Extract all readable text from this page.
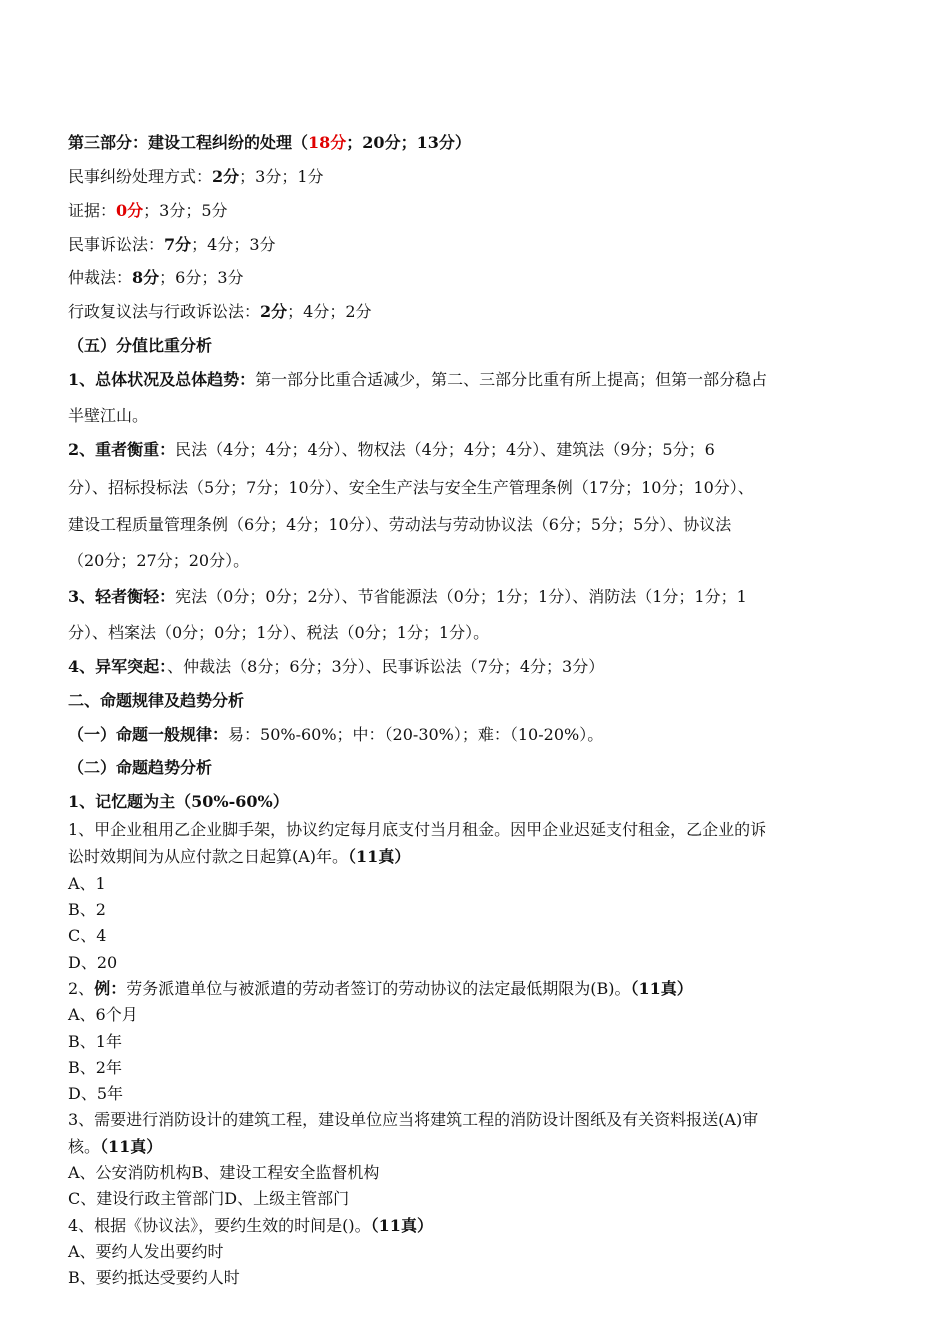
第三部分：建设工程纠纷的处理（18分；20分；13分）
民事纠纷处理方式：2分；3分；1分
证据：0分；3分；5分
民事诉讼法：7分；4分；3分
仲裁法：8分；6分；3分
行政复议法与行政诉讼法：2分；4分；2分
（五）分值比重分析
1、总体状况及总体趋势：第一部分比重合适减少，第二、三部分比重有所上提高；但第一部分稳占
半壁江山。
2、重者衡重：民法（4分；4分；4分）、物权法（4分；4分；4分）、建筑法（9分；5分；6
分）、招标投标法（5分；7分；10分）、安全生产法与安全生产管理条例（17分；10分；10分）、
建设工程质量管理条例（6分；4分；10分）、劳动法与劳动协议法（6分；5分；5分）、协议法
（20分；27分；20分）。
3、轻者衡轻：宪法（0分；0分；2分）、节省能源法（0分；1分；1分）、消防法（1分；1分；1
分）、档案法（0分；0分；1分）、税法（0分；1分；1分）。
4、异军突起：、仲裁法（8分；6分；3分）、民事诉讼法（7分；4分；3分）
二、命题规律及趋势分析
（一）命题一般规律：易：50%-60%；中：（20-30%）；难：（10-20%）。
（二）命题趋势分析
1、记忆题为主（50%-60%）
1、甲企业租用乙企业脚手架，协议约定每月底支付当月租金。因甲企业迟延支付租金，乙企业的诉
讼时效期间为从应付款之日起算(A)年。（11真）
A、1
B、2
C、4
D、20
2、例：劳务派遣单位与被派遣的劳动者签订的劳动协议的法定最低期限为(B)。（11真）
A、6个月
B、1年
B、2年
D、5年
3、需要进行消防设计的建筑工程，建设单位应当将建筑工程的消防设计图纸及有关资料报送(A)审
核。（11真）
A、公安消防机构B、建设工程安全监督机构
C、建设行政主管部门D、上级主管部门
4、根据《协议法》，要约生效的时间是()。（11真）
A、要约人发出要约时
B、要约抵达受要约人时
